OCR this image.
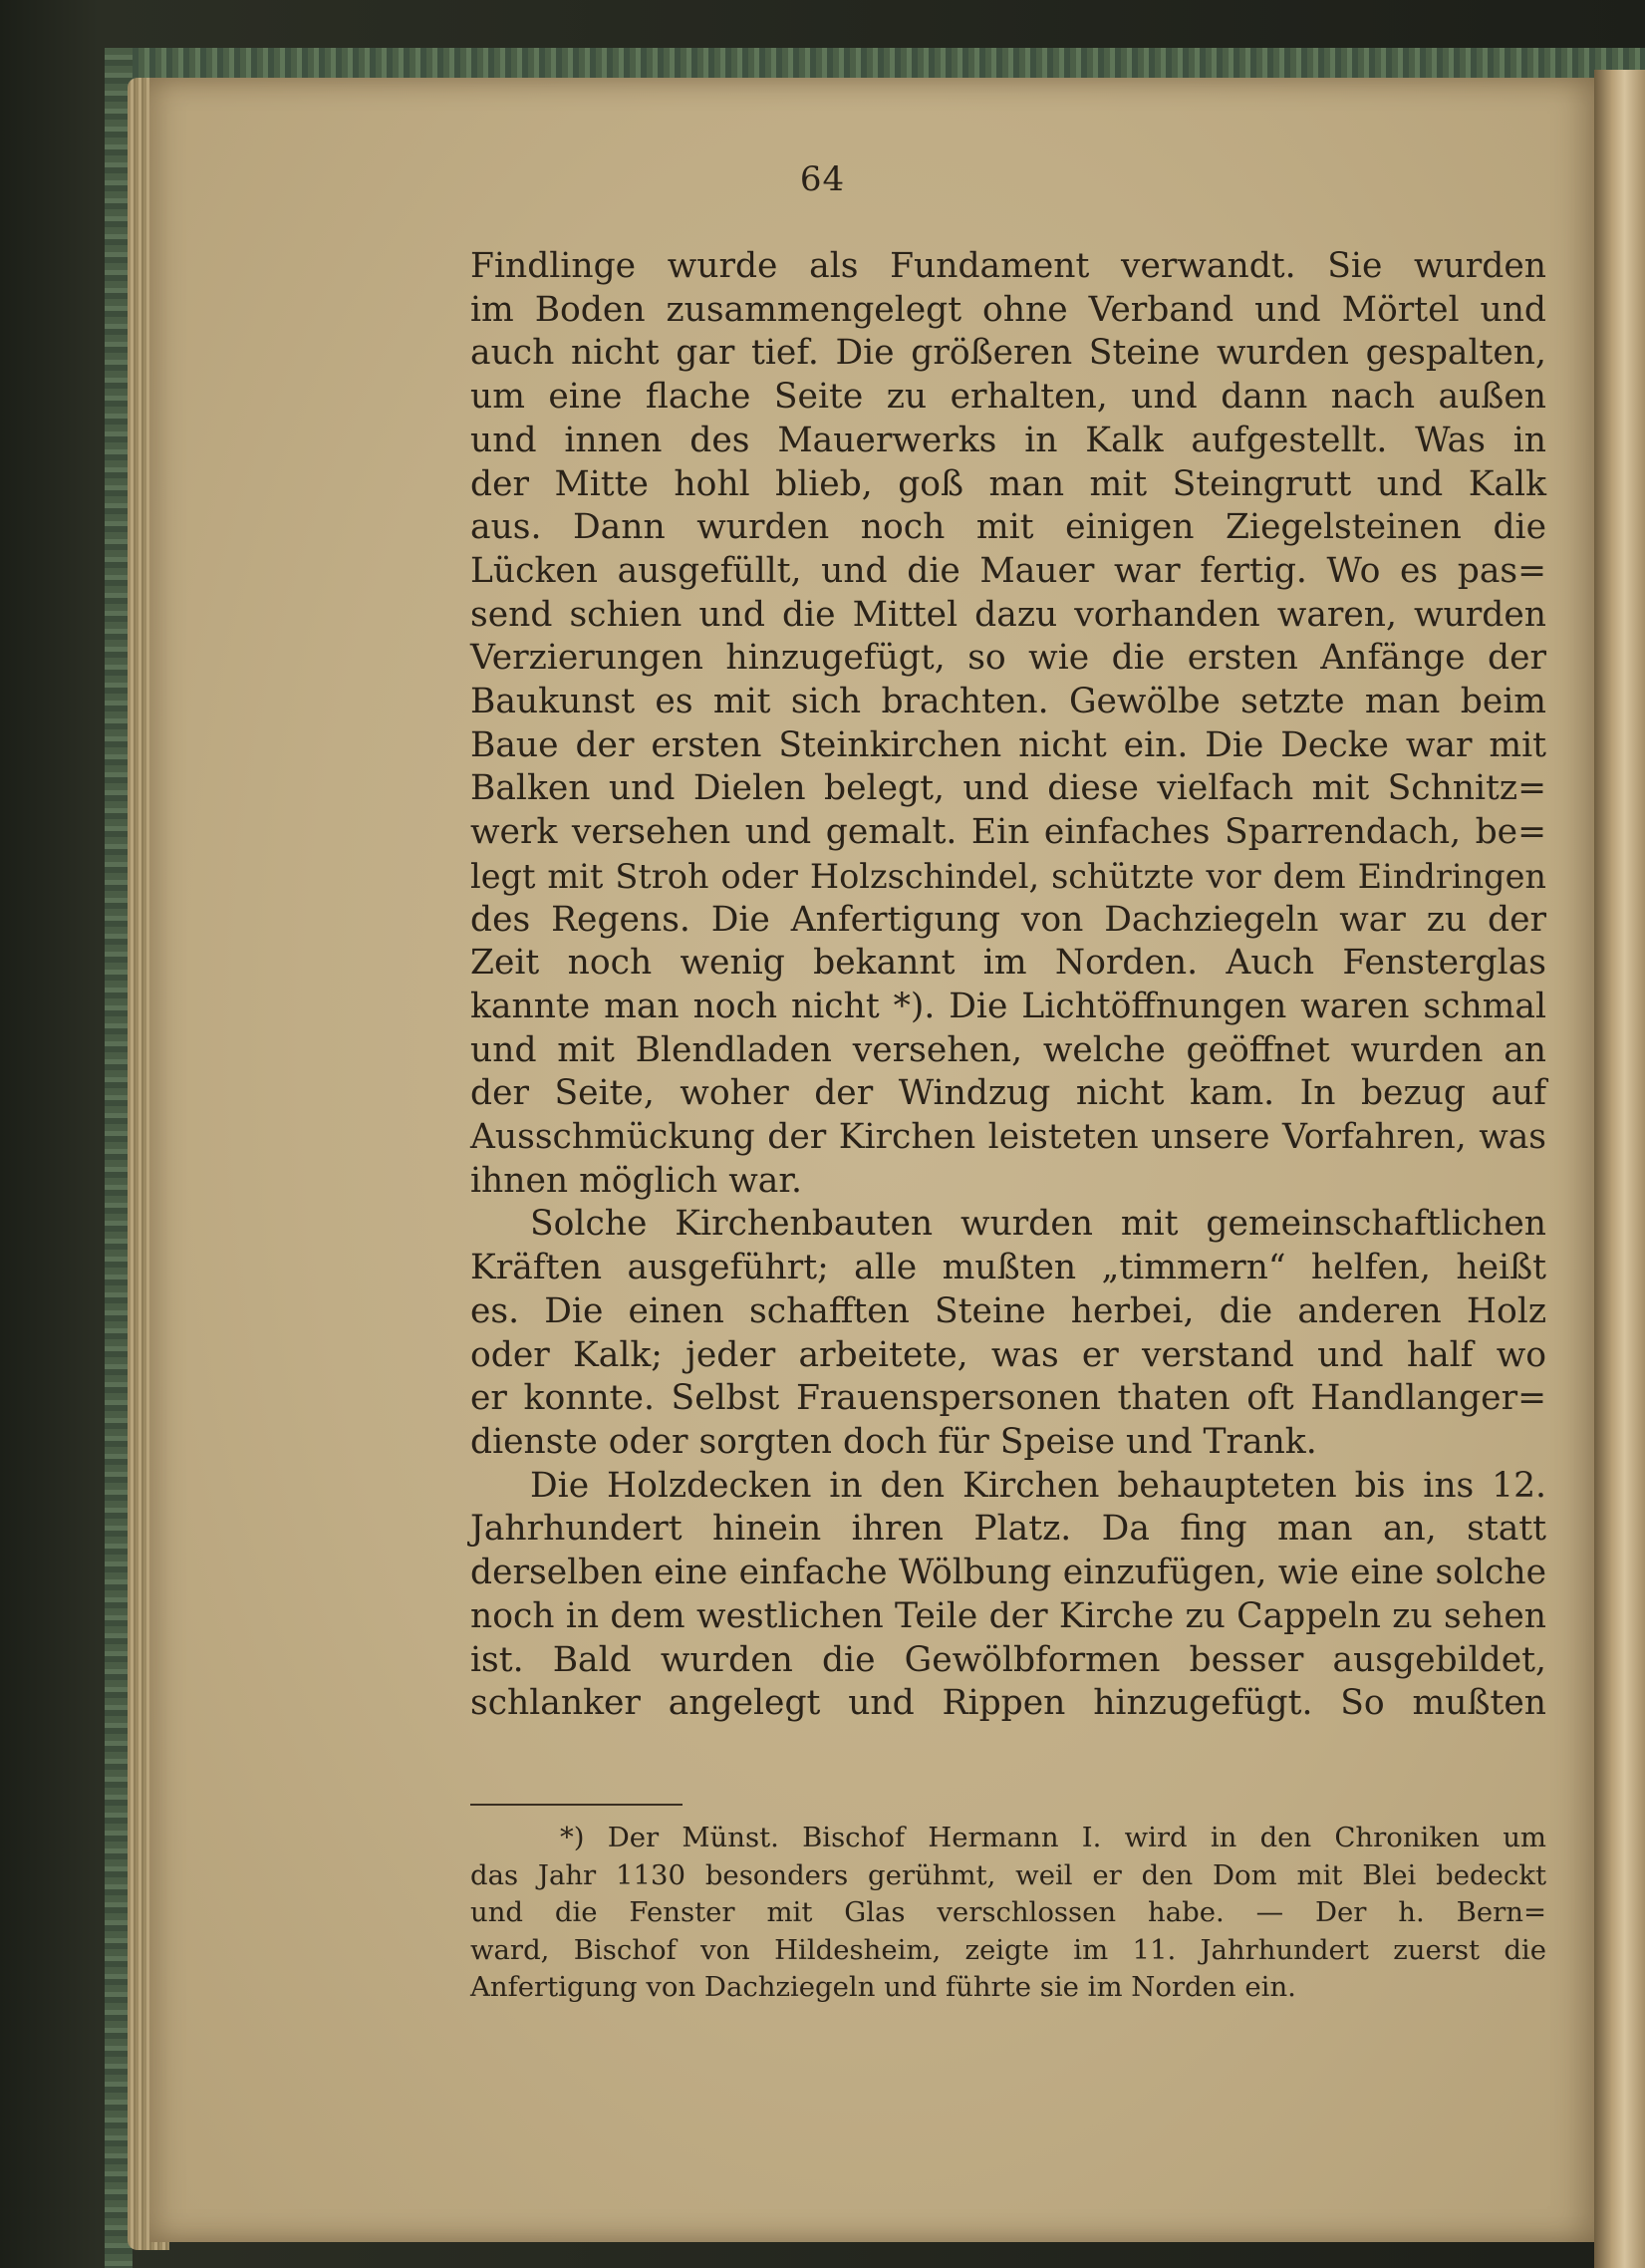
64
Findlinge wurde als Fundament verwandt. Sie wurden
im Boden zusammengelegt ohne Verband und Mörtel und
auch nicht gar tief. Die größeren Steine wurden gespalten,
um eine flache Seite zu erhalten, und dann nach außen
und innen des Mauerwerks in Kalk aufgestellt. Was in
der Mitte hohl blieb, goß man mit Steingrutt und Kalk
aus. Dann wurden noch mit einigen Ziegelsteinen die
Lücken ausgefüllt, und die Mauer war fertig. Wo es pas=
send schien und die Mittel dazu vorhanden waren, wurden
Verzierungen hinzugefügt, so wie die ersten Anfänge der
Baukunst es mit sich brachten. Gewölbe setzte man beim
Baue der ersten Steinkirchen nicht ein. Die Decke war mit
Balken und Dielen belegt, und diese vielfach mit Schnitz=
werk versehen und gemalt. Ein einfaches Sparrendach, be=
legt mit Stroh oder Holzschindel, schützte vor dem Eindringen
des Regens. Die Anfertigung von Dachziegeln war zu der
Zeit noch wenig bekannt im Norden. Auch Fensterglas
kannte man noch nicht *). Die Lichtöffnungen waren schmal
und mit Blendladen versehen, welche geöffnet wurden an
der Seite, woher der Windzug nicht kam. In bezug auf
Ausschmückung der Kirchen leisteten unsere Vorfahren, was
ihnen möglich war.
Solche Kirchenbauten wurden mit gemeinschaftlichen
Kräften ausgeführt; alle mußten „timmern“ helfen, heißt
es. Die einen schafften Steine herbei, die anderen Holz
oder Kalk; jeder arbeitete, was er verstand und half wo
er konnte. Selbst Frauenspersonen thaten oft Handlanger=
dienste oder sorgten doch für Speise und Trank.
Die Holzdecken in den Kirchen behaupteten bis ins 12.
Jahrhundert hinein ihren Platz. Da fing man an, statt
derselben eine einfache Wölbung einzufügen, wie eine solche
noch in dem westlichen Teile der Kirche zu Cappeln zu sehen
ist. Bald wurden die Gewölbformen besser ausgebildet,
schlanker angelegt und Rippen hinzugefügt. So mußten
*) Der Münst. Bischof Hermann I. wird in den Chroniken um
das Jahr 1130 besonders gerühmt, weil er den Dom mit Blei bedeckt
und die Fenster mit Glas verschlossen habe. — Der h. Bern=
ward, Bischof von Hildesheim, zeigte im 11. Jahrhundert zuerst die
Anfertigung von Dachziegeln und führte sie im Norden ein.
